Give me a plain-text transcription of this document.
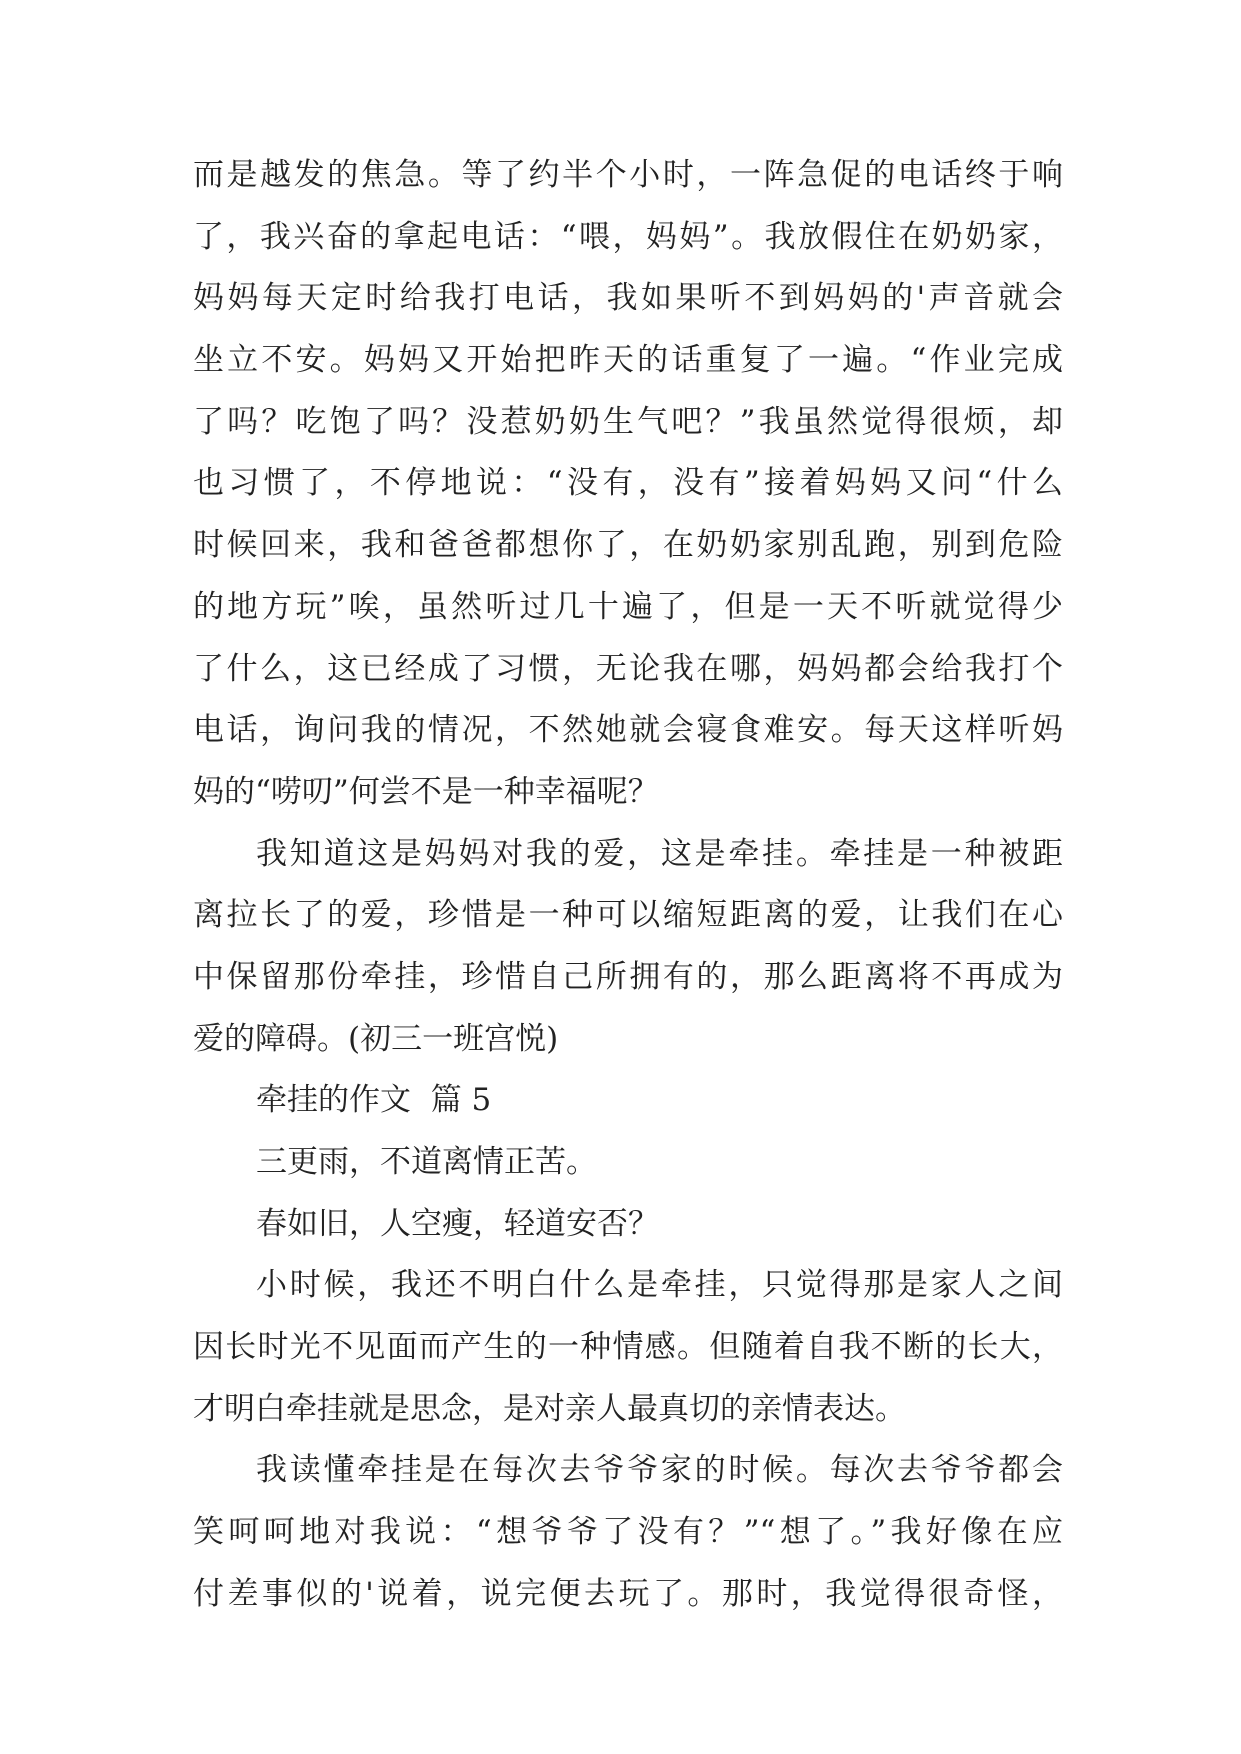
而是越发的焦急。等了约半个小时，一阵急促的电话终于响
了，我兴奋的拿起电话：“喂，妈妈”。我放假住在奶奶家，
妈妈每天定时给我打电话，我如果听不到妈妈的'声音就会
坐立不安。妈妈又开始把昨天的话重复了一遍。“作业完成
了吗？吃饱了吗？没惹奶奶生气吧？”我虽然觉得很烦，却
也习惯了，不停地说：“没有，没有”接着妈妈又问“什么
时候回来，我和爸爸都想你了，在奶奶家别乱跑，别到危险
的地方玩”唉，虽然听过几十遍了，但是一天不听就觉得少
了什么，这已经成了习惯，无论我在哪，妈妈都会给我打个
电话，询问我的情况，不然她就会寝食难安。每天这样听妈
妈的“唠叨”何尝不是一种幸福呢？
我知道这是妈妈对我的爱，这是牵挂。牵挂是一种被距
离拉长了的爱，珍惜是一种可以缩短距离的爱，让我们在心
中保留那份牵挂，珍惜自己所拥有的，那么距离将不再成为
爱的障碍。(初三一班宫悦)
牵挂的作文  篇 5
三更雨，不道离情正苦。
春如旧，人空瘦，轻道安否？
小时候，我还不明白什么是牵挂，只觉得那是家人之间
因长时光不见面而产生的一种情感。但随着自我不断的长大，
才明白牵挂就是思念，是对亲人最真切的亲情表达。
我读懂牵挂是在每次去爷爷家的时候。每次去爷爷都会
笑呵呵地对我说：“想爷爷了没有？”“想了。”我好像在应
付差事似的'说着，说完便去玩了。那时，我觉得很奇怪，
